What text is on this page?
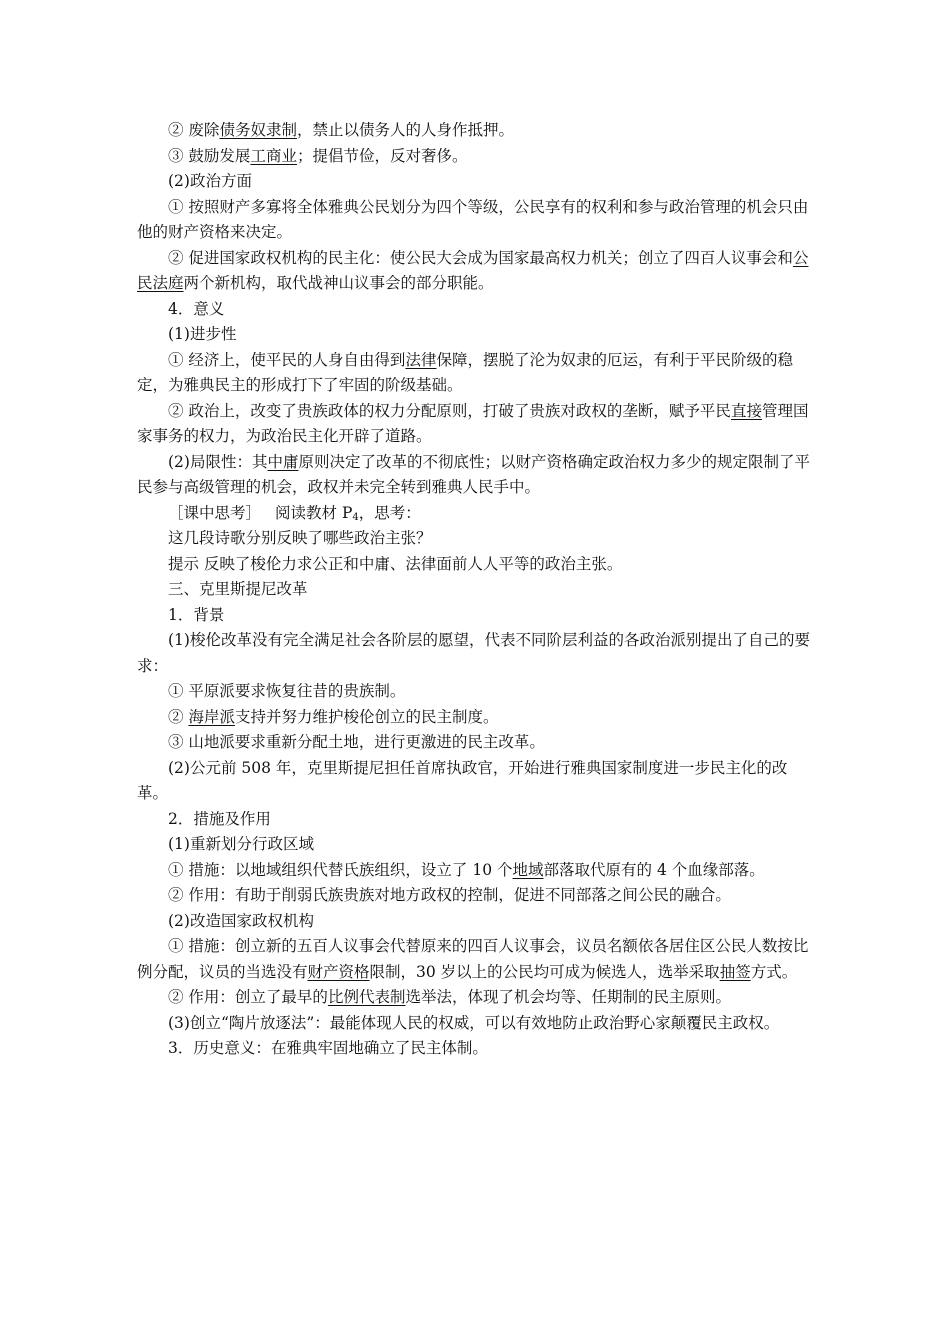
② 废除债务奴隶制，禁止以债务人的人身作抵押。

③ 鼓励发展工商业；提倡节俭，反对奢侈。

(2)政治方面

① 按照财产多寡将全体雅典公民划分为四个等级，公民享有的权利和参与政治管理的机会只由他的财产资格来决定。

② 促进国家政权机构的民主化：使公民大会成为国家最高权力机关；创立了四百人议事会和公民法庭两个新机构，取代战神山议事会的部分职能。

4．意义

(1)进步性

① 经济上，使平民的人身自由得到法律保障，摆脱了沦为奴隶的厄运，有利于平民阶级的稳定，为雅典民主的形成打下了牢固的阶级基础。

② 政治上，改变了贵族政体的权力分配原则，打破了贵族对政权的垄断，赋予平民直接管理国家事务的权力，为政治民主化开辟了道路。

(2)局限性：其中庸原则决定了改革的不彻底性；以财产资格确定政治权力多少的规定限制了平民参与高级管理的机会，政权并未完全转到雅典人民手中。

［课中思考］ 阅读教材 $P_4$，思考：

这几段诗歌分别反映了哪些政治主张？

提示 反映了梭伦力求公正和中庸、法律面前人人平等的政治主张。

三、克里斯提尼改革

1．背景

(1)梭伦改革没有完全满足社会各阶层的愿望，代表不同阶层利益的各政治派别提出了自己的要求：

① 平原派要求恢复往昔的贵族制。

② 海岸派支持并努力维护梭伦创立的民主制度。

③ 山地派要求重新分配土地，进行更激进的民主改革。

(2)公元前 508 年，克里斯提尼担任首席执政官，开始进行雅典国家制度进一步民主化的改革。

2．措施及作用

(1)重新划分行政区域

① 措施：以地域组织代替氏族组织，设立了 10 个地域部落取代原有的 4 个血缘部落。

② 作用：有助于削弱氏族贵族对地方政权的控制，促进不同部落之间公民的融合。

(2)改造国家政权机构

① 措施：创立新的五百人议事会代替原来的四百人议事会，议员名额依各居住区公民人数按比例分配，议员的当选没有财产资格限制，30 岁以上的公民均可成为候选人，选举采取抽签方式。

② 作用：创立了最早的比例代表制选举法，体现了机会均等、任期制的民主原则。

(3)创立“陶片放逐法”：最能体现人民的权威，可以有效地防止政治野心家颠覆民主政权。

3．历史意义：在雅典牢固地确立了民主体制。
